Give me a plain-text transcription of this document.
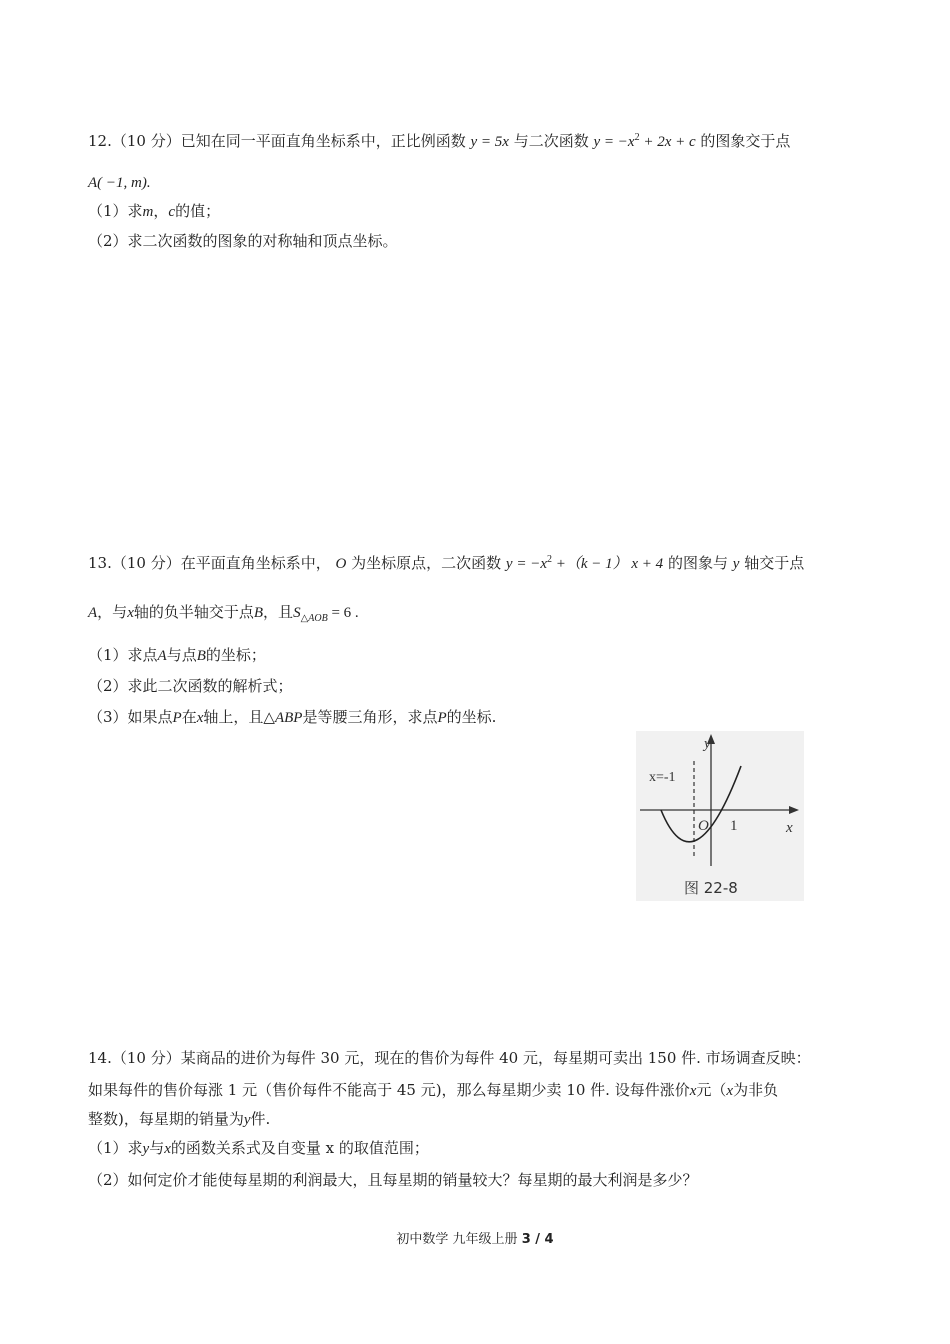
12.（10 分）已知在同一平面直角坐标系中，正比例函数 y = 5x 与二次函数 $y = -x^2 + 2x + c$ 的图象交于点
A( −1, m).
（1）求m，c的值；
（2）求二次函数的图象的对称轴和顶点坐标。
13.（10 分）在平面直角坐标系中， O 为坐标原点，二次函数 $y = -x^2 +(k - 1) x + 4$ 的图象与 y 轴交于点
A，与x轴的负半轴交于点B，且$S_{\triangle AOB} = 6$ .
（1）求点A与点B的坐标；
（2）求此二次函数的解析式；
（3）如果点P在x轴上，且△ABP是等腰三角形，求点P的坐标.
y
x
x=-1
O 1
图 22-8
14.（10 分）某商品的进价为每件 30 元，现在的售价为每件 40 元，每星期可卖出 150 件. 市场调查反映：
如果每件的售价每涨 1 元（售价每件不能高于 45 元)，那么每星期少卖 10 件. 设每件涨价x元（x为非负
整数)，每星期的销量为y件.
（1）求y与x的函数关系式及自变量 x 的取值范围；
（2）如何定价才能使每星期的利润最大，且每星期的销量较大？每星期的最大利润是多少？
初中数学 九年级上册 3 / 4
